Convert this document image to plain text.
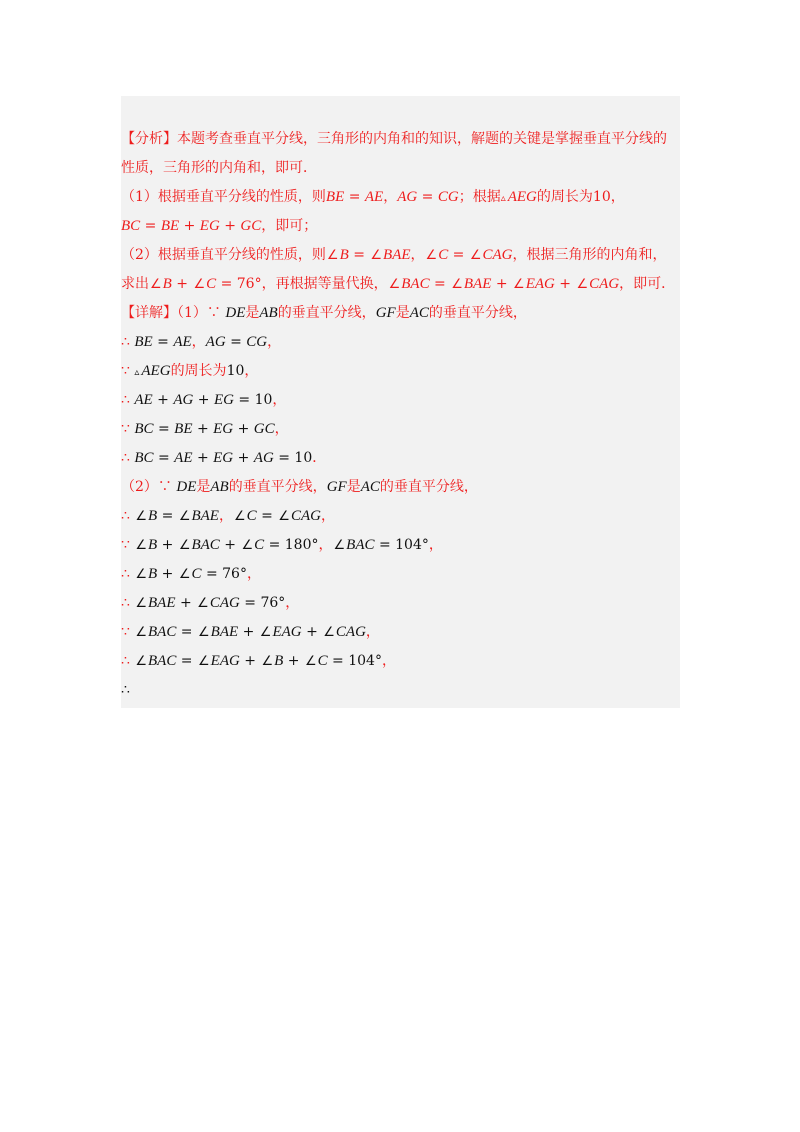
【分析】本题考查垂直平分线，三角形的内角和的知识，解题的关键是掌握垂直平分线的
性质，三角形的内角和，即可．
（1）根据垂直平分线的性质，则BE = AE，AG = CG；根据▵ AEG的周长为10，
BC = BE + EG + GC，即可；
（2）根据垂直平分线的性质，则∠B = ∠BAE，∠C = ∠CAG，根据三角形的内角和，
求出∠B + ∠C = 76°，再根据等量代换，∠BAC = ∠BAE + ∠EAG + ∠CAG，即可．
【详解】（1）∵ DE是AB的垂直平分线，GF是AC的垂直平分线，
∴ BE = AE，AG = CG，
∵ ▵ AEG的周长为10，
∴ AE + AG + EG = 10，
∵ BC = BE + EG + GC，
∴ BC = AE + EG + AG = 10．
（2）∵ DE是AB的垂直平分线，GF是AC的垂直平分线，
∴ ∠B = ∠BAE，∠C = ∠CAG，
∵ ∠B + ∠BAC + ∠C = 180°，∠BAC = 104°，
∴ ∠B + ∠C = 76°，
∴ ∠BAE + ∠CAG = 76°，
∵ ∠BAC = ∠BAE + ∠EAG + ∠CAG，
∴ ∠BAC = ∠EAG + ∠B + ∠C = 104°，
∴
